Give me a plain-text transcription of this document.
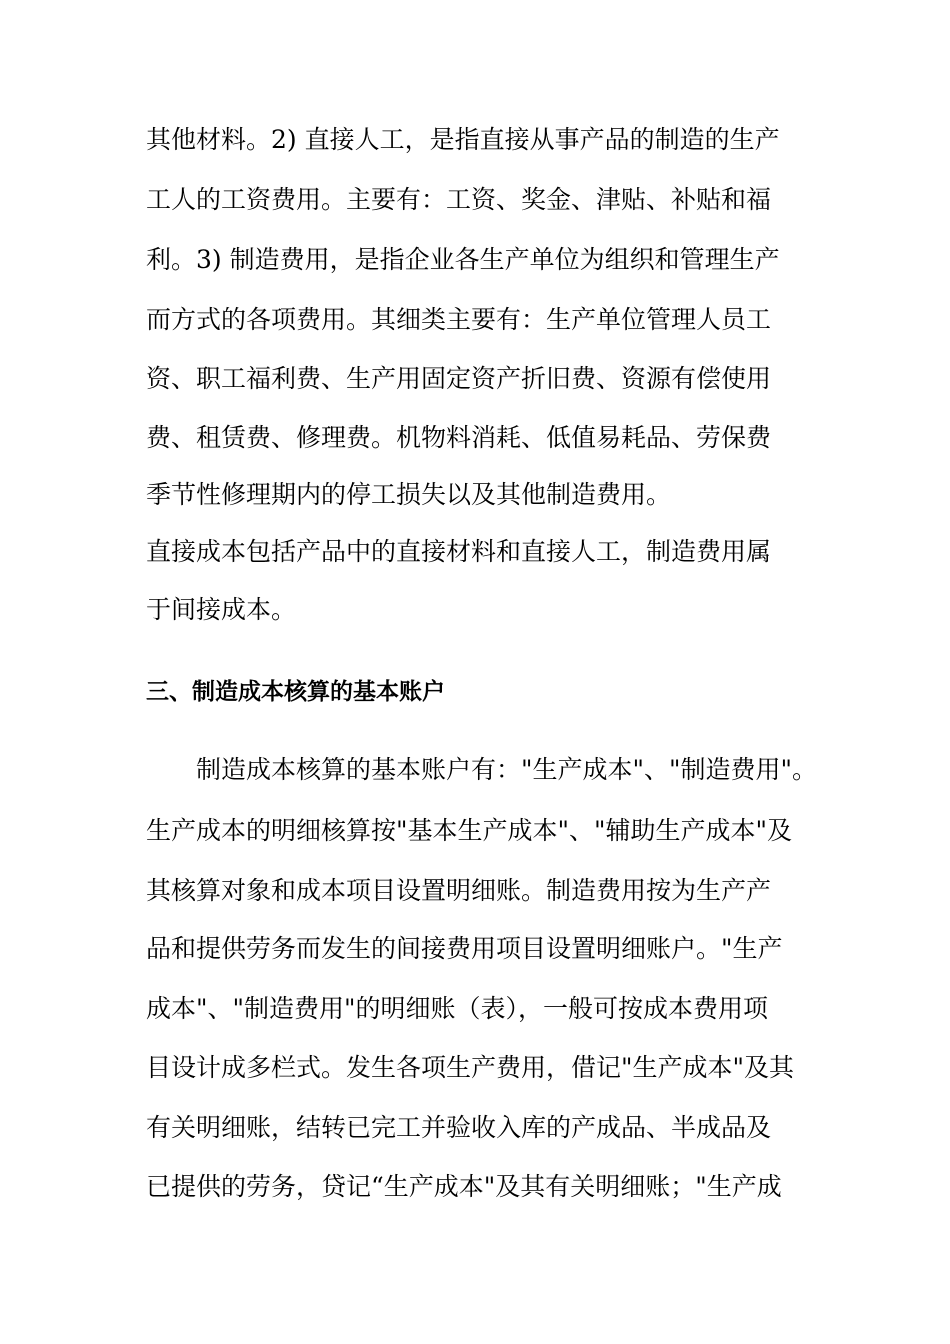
其他材料。2) 直接人工，是指直接从事产品的制造的生产
工人的工资费用。主要有：工资、奖金、津贴、补贴和福
利。3) 制造费用，是指企业各生产单位为组织和管理生产
而方式的各项费用。其细类主要有：生产单位管理人员工
资、职工福利费、生产用固定资产折旧费、资源有偿使用
费、租赁费、修理费。机物料消耗、低值易耗品、劳保费
季节性修理期内的停工损失以及其他制造费用。
直接成本包括产品中的直接材料和直接人工，制造费用属
于间接成本。
三、制造成本核算的基本账户
制造成本核算的基本账户有："生产成本"、"制造费用"。
生产成本的明细核算按"基本生产成本"、"辅助生产成本"及
其核算对象和成本项目设置明细账。制造费用按为生产产
品和提供劳务而发生的间接费用项目设置明细账户。"生产
成本"、"制造费用"的明细账（表），一般可按成本费用项
目设计成多栏式。发生各项生产费用，借记"生产成本"及其
有关明细账，结转已完工并验收入库的产成品、半成品及
已提供的劳务，贷记“生产成本"及其有关明细账；"生产成
